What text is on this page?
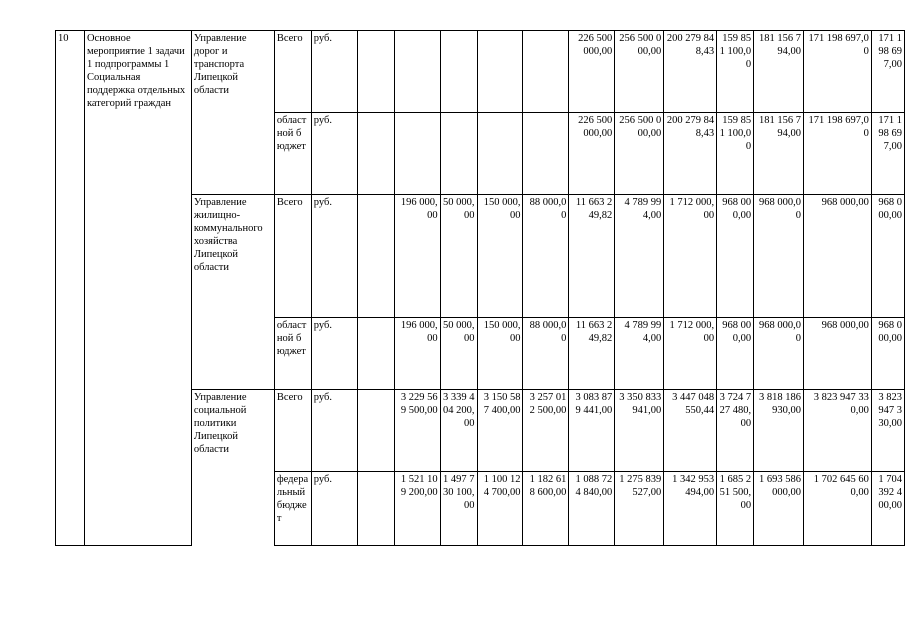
10	Основное мероприятие 1 задачи 1 подпрограммы 1 Социальная поддержка отдельных категорий граждан	Управление дорог и транспорта Липецкой области	Всего	руб.						226 500 000,00	256 500 000,00	200 279 848,43	159 851 100,00	181 156 794,00	171 198 697,00	171 198 697,00
			областной бюджет	руб.						226 500 000,00	256 500 000,00	200 279 848,43	159 851 100,00	181 156 794,00	171 198 697,00	171 198 697,00
		Управление жилищно-коммунального хозяйства Липецкой области	Всего	руб.		196 000,00	50 000,00	150 000,00	88 000,00	11 663 249,82	4 789 994,00	1 712 000,00	968 000,00	968 000,00	968 000,00	968 000,00
			областной бюджет	руб.		196 000,00	50 000,00	150 000,00	88 000,00	11 663 249,82	4 789 994,00	1 712 000,00	968 000,00	968 000,00	968 000,00	968 000,00
		Управление социальной политики Липецкой области	Всего	руб.		3 229 569 500,00	3 339 404 200,00	3 150 587 400,00	3 257 012 500,00	3 083 879 441,00	3 350 833 941,00	3 447 048 550,44	3 724 727 480,00	3 818 186 930,00	3 823 947 330,00	3 823 947 330,00
			федеральный бюджет	руб.		1 521 109 200,00	1 497 730 100,00	1 100 124 700,00	1 182 618 600,00	1 088 724 840,00	1 275 839 527,00	1 342 953 494,00	1 685 251 500,00	1 693 586 000,00	1 702 645 600,00	1 704 392 400,00
